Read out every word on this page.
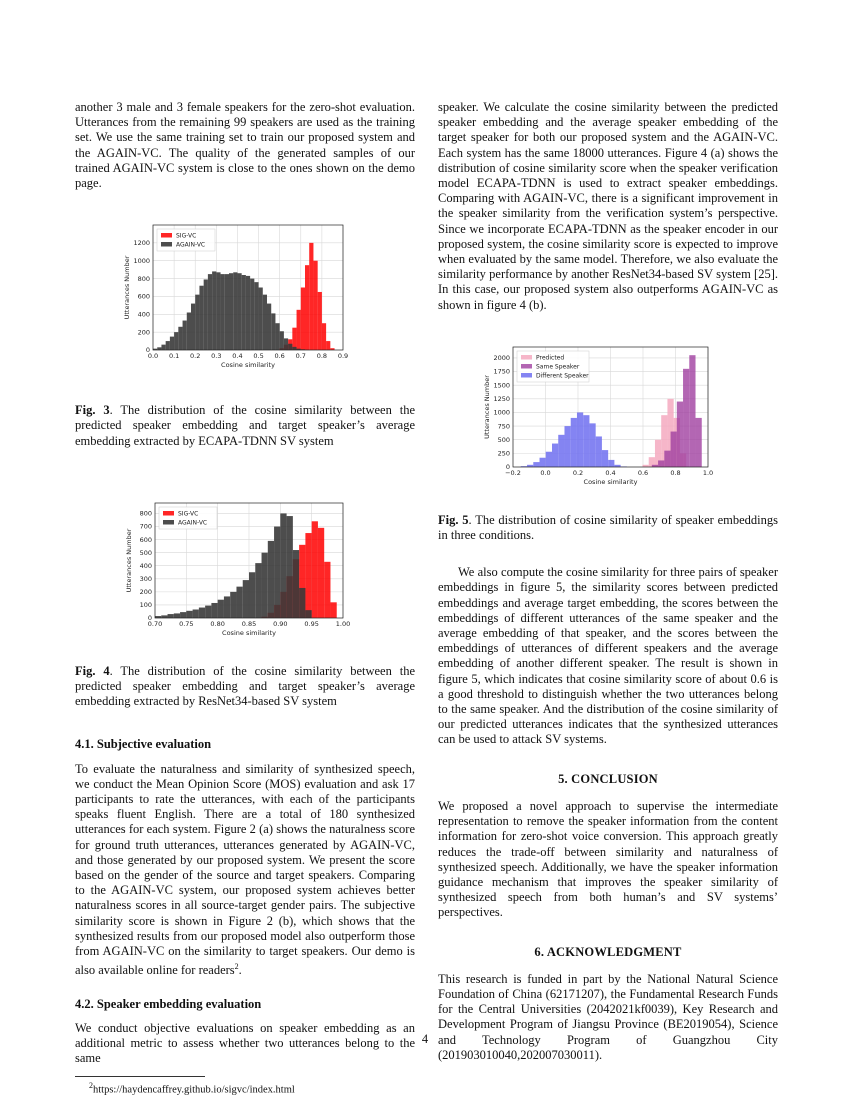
another 3 male and 3 female speakers for the zero-shot evaluation. Utterances from the remaining 99 speakers are used as the training set. We use the same training set to train our proposed system and the AGAIN-VC. The quality of the generated samples of our trained AGAIN-VC system is close to the ones shown on the demo page.

0.0 0.1 0.2 0.3 0.4 0.5 0.6 0.7 0.8 0.9
0
200
400
600
800
1000
1200
Cosine similarity
Utterances Number
SIG-VC
AGAIN-VC

Fig. 3. The distribution of the cosine similarity between the predicted speaker embedding and target speaker’s average embedding extracted by ECAPA-TDNN SV system

0.70	0.75	0.80	0.85	0.90	0.95	1.00
0
100
200
300
400
500
600
700
800
Cosine similarity
Utterances Number
SIG-VC
AGAIN-VC

Fig. 4. The distribution of the cosine similarity between the predicted speaker embedding and target speaker’s average embedding extracted by ResNet34-based SV system

4.1. Subjective evaluation

To evaluate the naturalness and similarity of synthesized speech, we conduct the Mean Opinion Score (MOS) evaluation and ask 17 participants to rate the utterances, with each of the participants speaks fluent English. There are a total of 180 synthesized utterances for each system. Figure 2 (a) shows the naturalness score for ground truth utterances, utterances generated by AGAIN-VC, and those generated by our proposed system. We present the score based on the gender of the source and target speakers. Comparing to the AGAIN-VC system, our proposed system achieves better naturalness scores in all source-target gender pairs. The subjective similarity score is shown in Figure 2 (b), which shows that the synthesized results from our proposed model also outperform those from AGAIN-VC on the similarity to target speakers. Our demo is also available online for readers$^2$.

4.2. Speaker embedding evaluation

We conduct objective evaluations on speaker embedding as an additional metric to assess whether two utterances belong to the same

$^2$https://haydencaffrey.github.io/sigvc/index.html

speaker. We calculate the cosine similarity between the predicted speaker embedding and the average speaker embedding of the target speaker for both our proposed system and the AGAIN-VC. Each system has the same 18000 utterances. Figure 4 (a) shows the distribution of cosine similarity score when the speaker verification model ECAPA-TDNN is used to extract speaker embeddings. Comparing with AGAIN-VC, there is a significant improvement in the speaker similarity from the verification system’s perspective. Since we incorporate ECAPA-TDNN as the speaker encoder in our proposed system, the cosine similarity score is expected to improve when evaluated by the same model. Therefore, we also evaluate the similarity performance by another ResNet34-based SV system [25]. In this case, our proposed system also outperforms AGAIN-VC as shown in figure 4 (b).

−0.2	0.0	0.2	0.4	0.6	0.8	1.0
0
250
500
750
1000
1250
1500
1750
2000
Cosine similarity
Utterances Number
Predicted
Same Speaker
Different Speaker

Fig. 5. The distribution of cosine similarity of speaker embeddings in three conditions.

We also compute the cosine similarity for three pairs of speaker embeddings in figure 5, the similarity scores between predicted embeddings and average target embedding, the scores between the embeddings of different utterances of the same speaker and the average embedding of that speaker, and the scores between the embeddings of utterances of different speakers and the average embedding of another different speaker. The result is shown in figure 5, which indicates that cosine similarity score of about 0.6 is a good threshold to distinguish whether the two utterances belong to the same speaker. And the distribution of the cosine similarity of our predicted utterances indicates that the synthesized utterances can be used to attack SV systems.

5. CONCLUSION

We proposed a novel approach to supervise the intermediate representation to remove the speaker information from the content information for zero-shot voice conversion. This approach greatly reduces the trade-off between similarity and naturalness of synthesized speech. Additionally, we have the speaker information guidance mechanism that improves the speaker similarity of synthesized speech from both human’s and SV systems’ perspectives.

6. ACKNOWLEDGMENT

This research is funded in part by the National Natural Science Foundation of China (62171207), the Fundamental Research Funds for the Central Universities (2042021kf0039), Key Research and Development Program of Jiangsu Province (BE2019054), Science and Technology Program of Guangzhou City (201903010040,202007030011).

4
